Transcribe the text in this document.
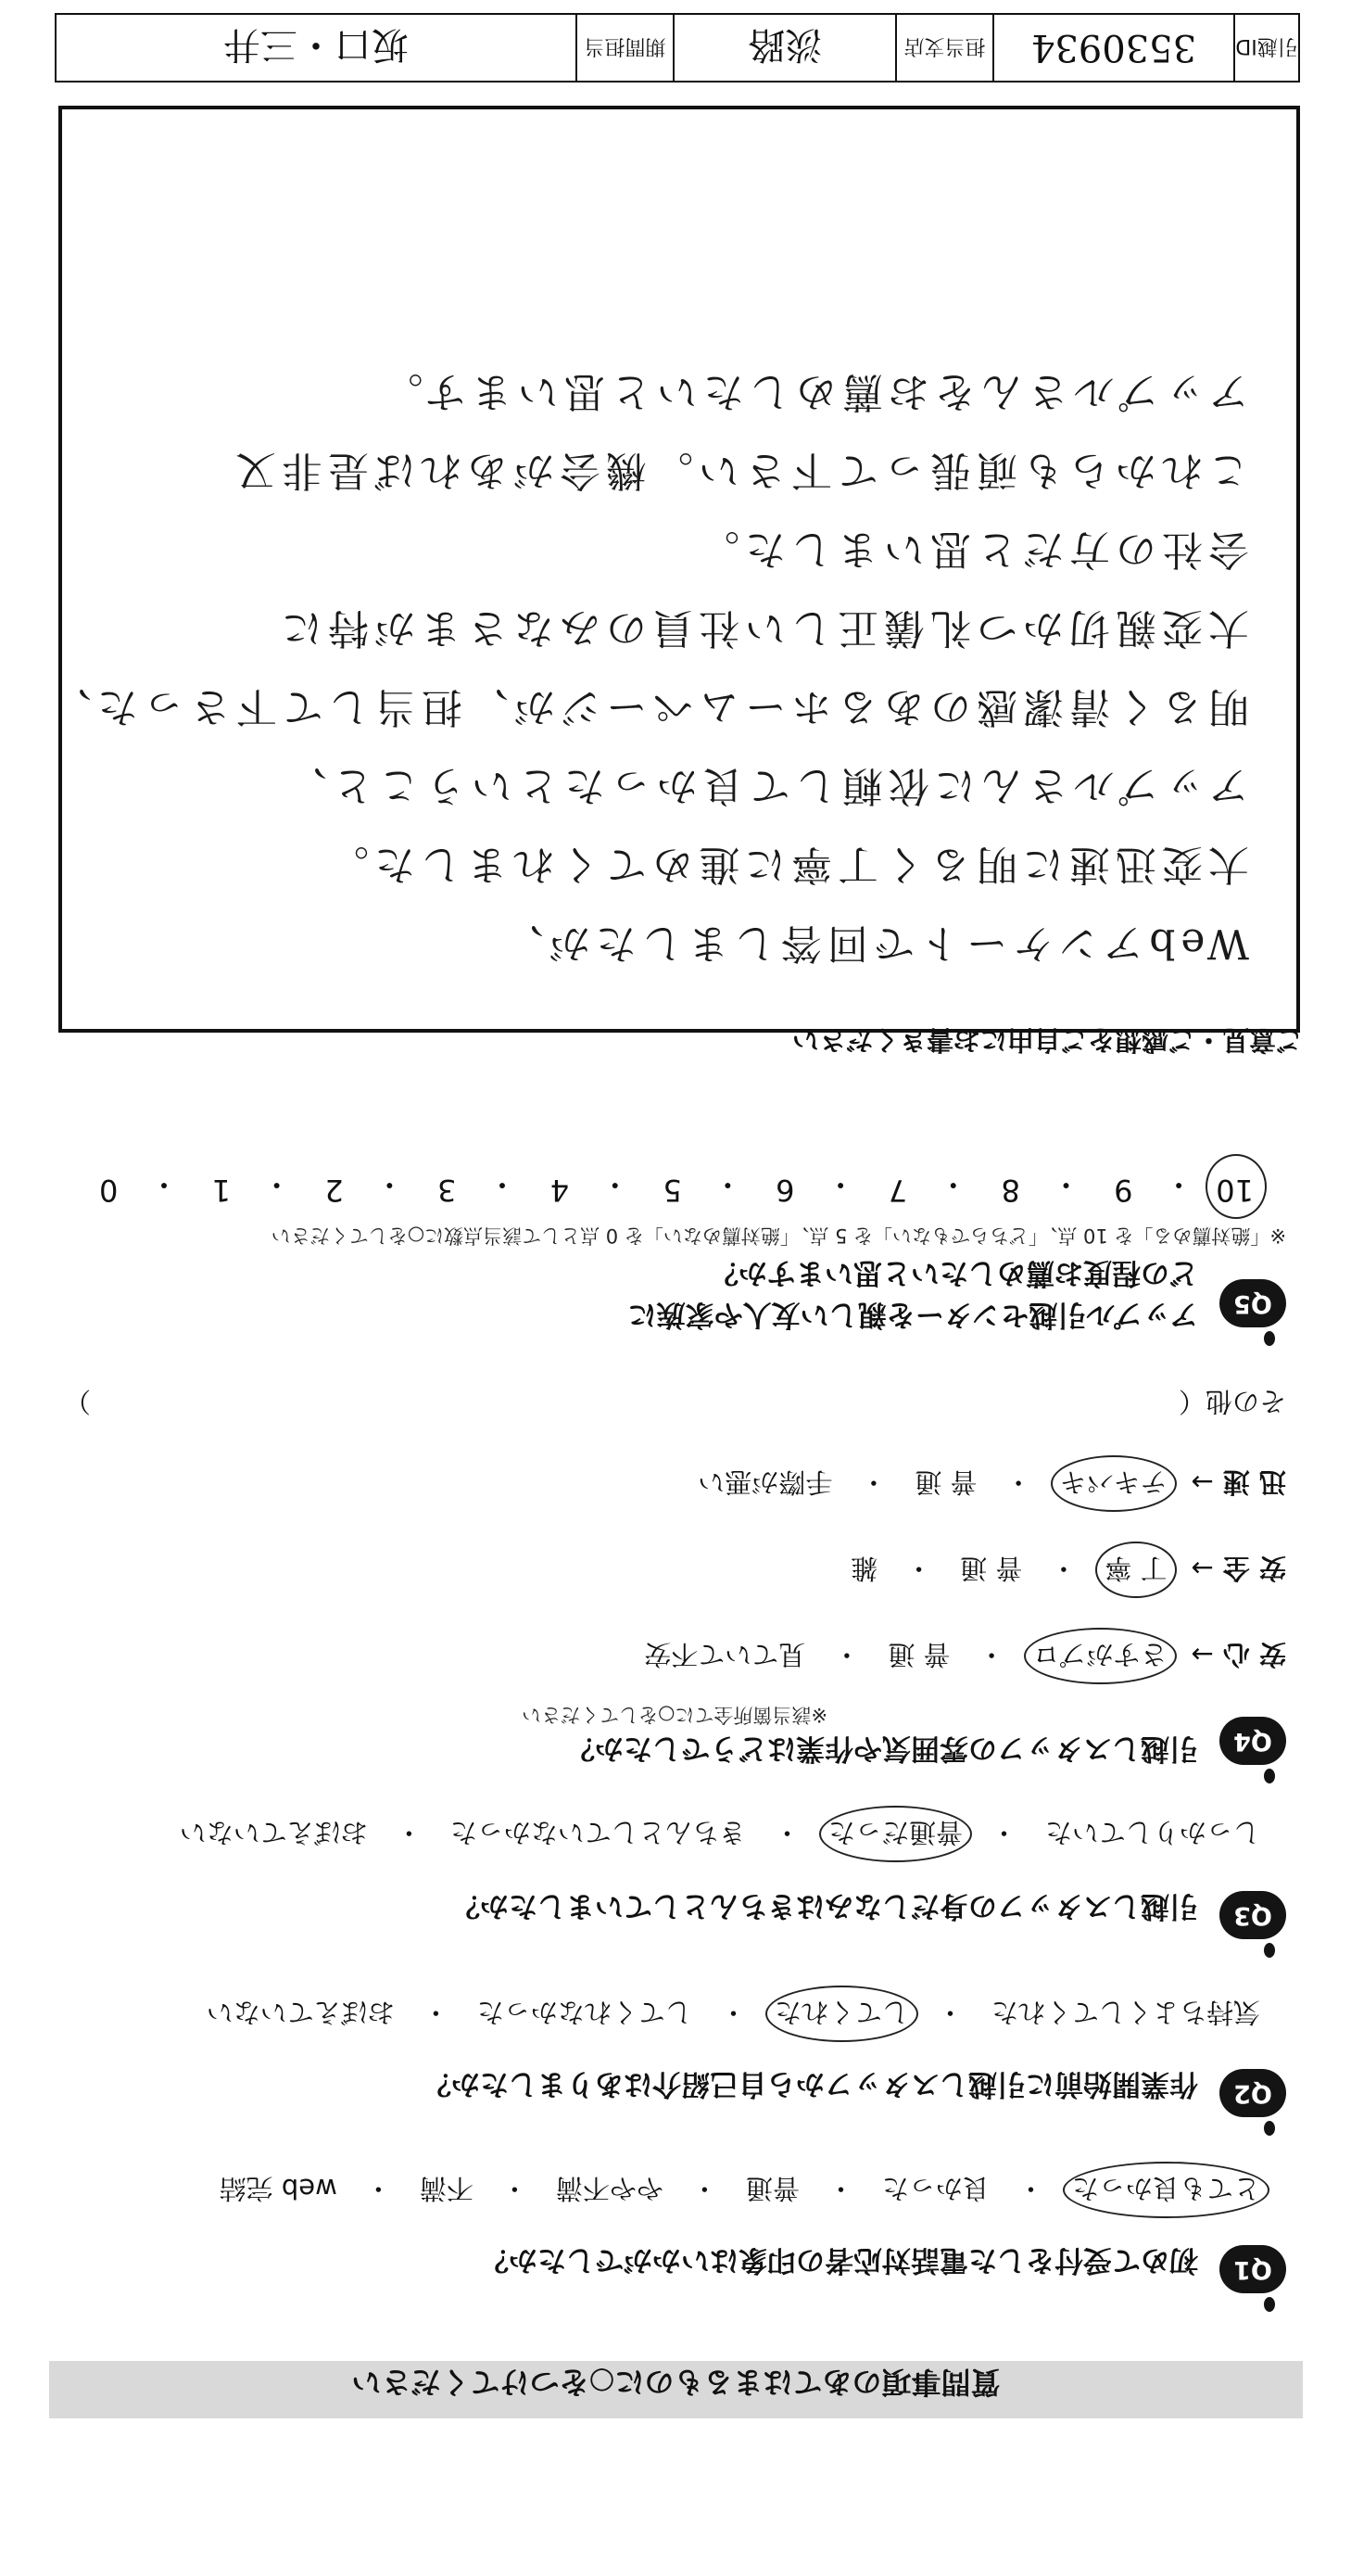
質問事項のあてはまるものに○をつけてください
Q1
初めて受付をした電話対応者の印象はいかがでしたか？
とても良かった・良かった・普通・やや不満・不満・web 完結
Q2
作業開始前に引越しスタッフから自己紹介はありましたか？
気持ちよくしてくれた・してくれた・してくれなかった・おぼえていない
Q3
引越しスタッフの身だしなみはきちんとしていましたか？
しっかりしていた・普通だった・きちんとしていなかった・おぼえていない
Q4
引越しスタッフの雰囲気や作業はどうでしたか？
※該当箇所全てに○をしてください
安 心→さすがプロ・普 通・見ていて不安
安 全→丁 寧・普 通・雑
迅 速→テキパキ・普 通・手際が悪い
その他（
）
Q5
アップル引越センターを親しい友人や家族に
どの程度お薦めしたいと思いますか？
※「絶対薦める」を 10 点、「どちらでもない」を 5 点、「絶対薦めない」を 0 点として該当点数に○をしてください
10
・
9
・
8
・
7
・
6
・
5
・
4
・
3
・
2
・
1
・
0
ご意見・ご感想をご自由にお書きください
Webアンケートで回答しましたが、
大変迅速に明るく丁寧に進めてくれました。
アップルさんに依頼して良かったということ、
明るく清潔感のあるホームページが、担当して下さった、
大変親切かつ礼儀正しい社員のみなさまが特に
会社の方だと思いました。
これからも頑張って下さい。機会があれば是非又
アップルさんをお薦めしたいと思います。
引越ID
3530934
担当支店
淡路
期間担当
坂口・三井
